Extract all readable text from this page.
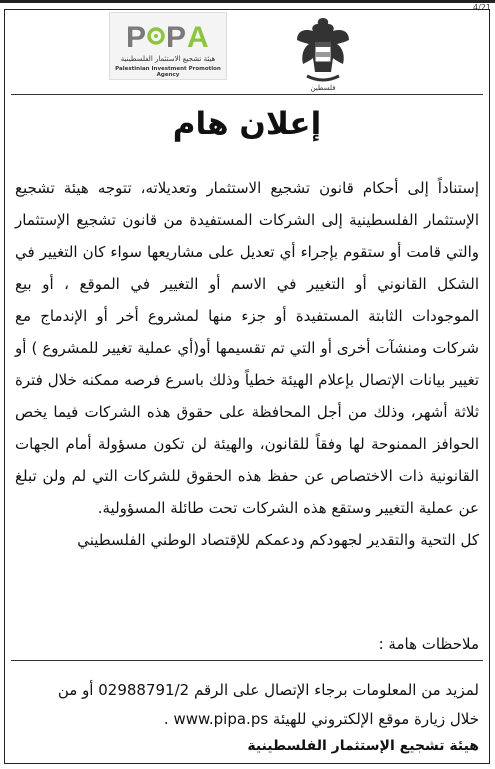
4/21
P P A
هيئة تشجيع الاستثمار الفلسطينية
Palestinian Investment Promotion Agency
فلسطين
إعلان هام

إستناداً إلى أحكام قانون تشجيع الاستثمار وتعديلاته، تتوجه هيئة تشجيع الإستثمار الفلسطينية إلى الشركات المستفيدة من قانون تشجيع الإستثمار والتي قامت أو ستقوم بإجراء أي تعديل على مشاريعها سواء كان التغيير في الشكل القانوني أو التغيير في الاسم أو التغيير في الموقع ، أو بيع الموجودات الثابتة المستفيدة أو جزء منها لمشروع أخر أو الإندماج مع شركات ومنشآت أخرى أو التي تم تقسيمها أو(أي عملية تغيير للمشروع ) أو تغيير بيانات الإتصال بإعلام الهيئة خطياً وذلك باسرع فرصه ممكنه خلال فترة ثلاثة أشهر، وذلك من أجل المحافظة على حقوق هذه الشركات فيما يخص الحوافز الممنوحة لها وفقاً للقانون، والهيئة لن تكون مسؤولة أمام الجهات القانونية ذات الاختصاص عن حفظ هذه الحقوق للشركات التي لم ولن تبلغ عن عملية التغيير وستقع هذه الشركات تحت طائلة المسؤولية.

كل التحية والتقدير لجهودكم ودعمكم للإقتصاد الوطني الفلسطيني

ملاحظات هامة :
لمزيد من المعلومات برجاء الإتصال على الرقم 02988791/2 أو من
خلال زيارة موقع الإلكتروني للهيئة www.pipa.ps .
هيئة تشجيع الإستثمار الفلسطينية
